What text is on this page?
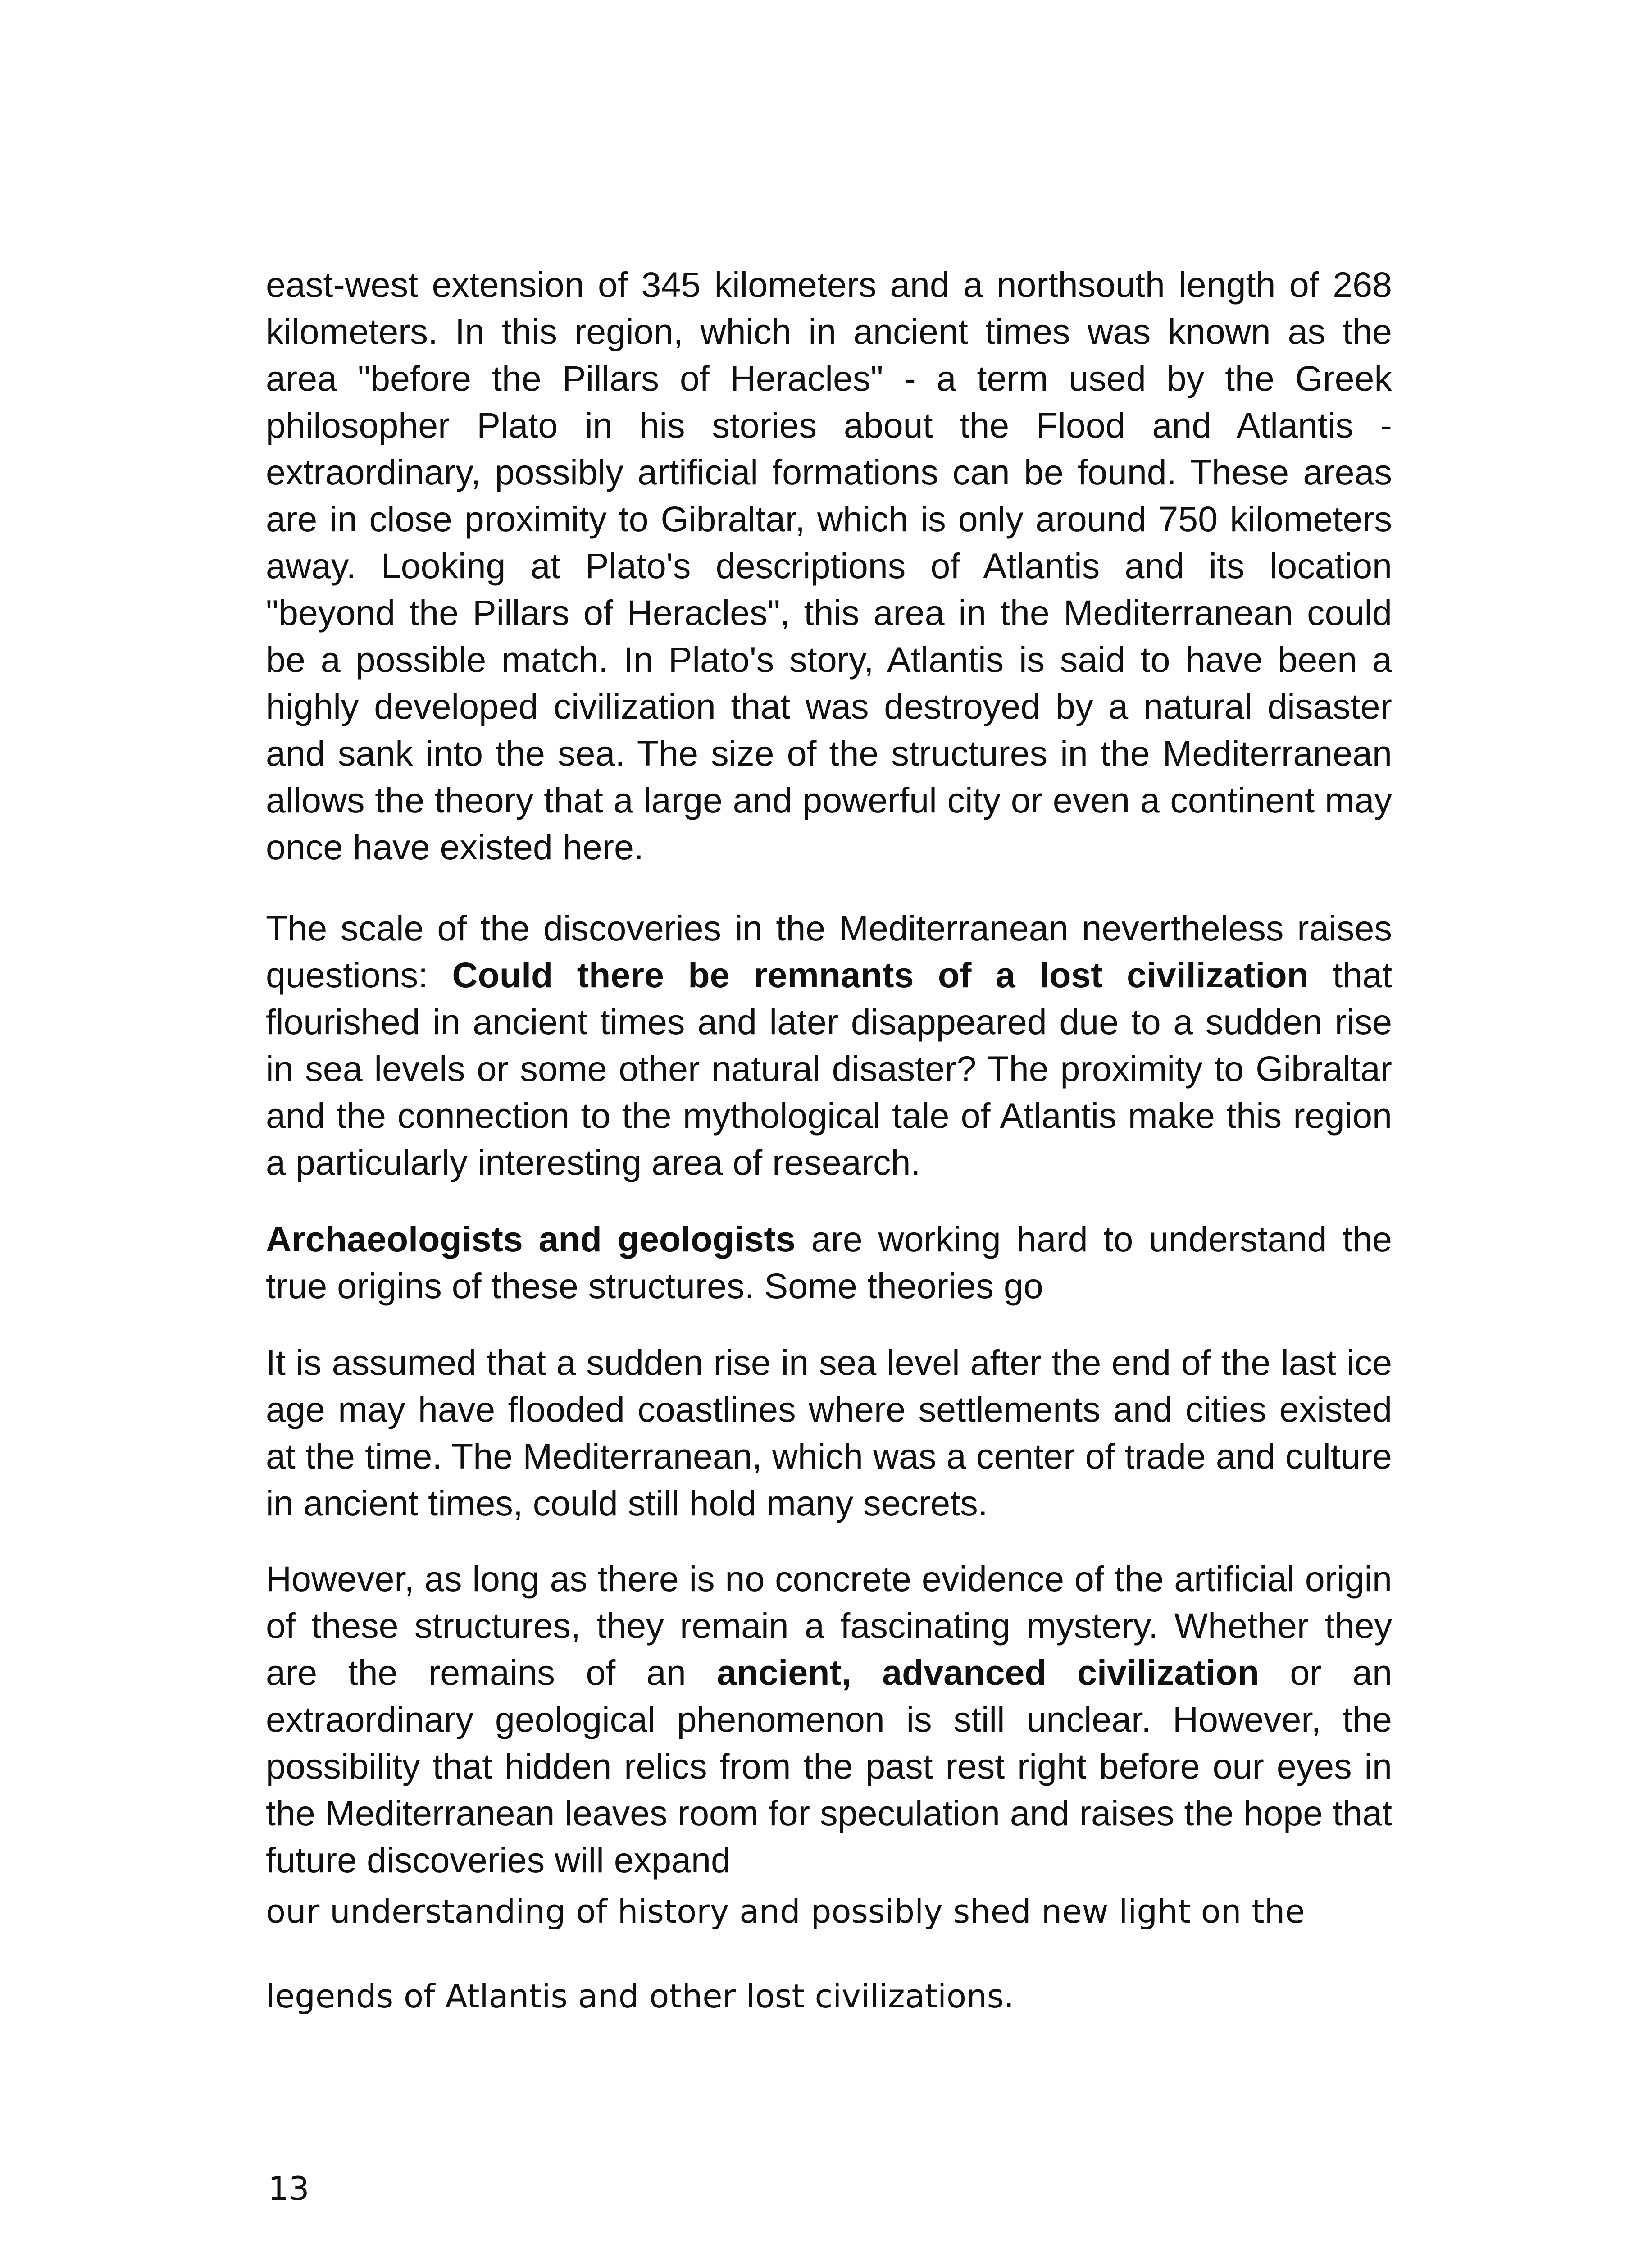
east-west extension of 345 kilometers and a northsouth length of 268 kilometers. In this region, which in ancient times was known as the area "before the Pillars of Heracles" - a term used by the Greek philosopher Plato in his stories about the Flood and Atlantis - extraordinary, possibly artificial formations can be found. These areas are in close proximity to Gibraltar, which is only around 750 kilometers away. Looking at Plato's descriptions of Atlantis and its location "beyond the Pillars of Heracles", this area in the Mediterranean could be a possible match. In Plato's story, Atlantis is said to have been a highly developed civilization that was destroyed by a natural disaster and sank into the sea. The size of the structures in the Mediterranean allows the theory that a large and powerful city or even a continent may once have existed here.

The scale of the discoveries in the Mediterranean nevertheless raises questions: Could there be remnants of a lost civilization that flourished in ancient times and later disappeared due to a sudden rise in sea levels or some other natural disaster? The proximity to Gibraltar and the connection to the mythological tale of Atlantis make this region a particularly interesting area of research.

Archaeologists and geologists are working hard to understand the true origins of these structures. Some theories go

It is assumed that a sudden rise in sea level after the end of the last ice age may have flooded coastlines where settlements and cities existed at the time. The Mediterranean, which was a center of trade and culture in ancient times, could still hold many secrets.

However, as long as there is no concrete evidence of the artificial origin of these structures, they remain a fascinating mystery. Whether they are the remains of an ancient, advanced civilization or an extraordinary geological phenomenon is still unclear. However, the possibility that hidden relics from the past rest right before our eyes in the Mediterranean leaves room for speculation and raises the hope that future discoveries will expand

our understanding of history and possibly shed new light on the
legends of Atlantis and other lost civilizations.
13
